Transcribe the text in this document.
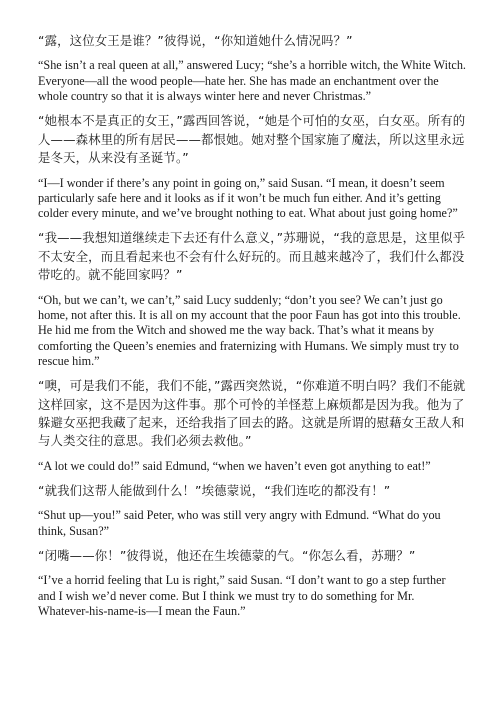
“露，这位女王是谁？”彼得说，“你知道她什么情况吗？”

“She isn’t a real queen at all,” answered Lucy; “she’s a horrible witch, the White Witch. Everyone—all the wood people—hate her. She has made an enchantment over the whole country so that it is always winter here and never Christmas.”

“她根本不是真正的女王，”露西回答说，“她是个可怕的女巫，白女巫。所有的人——森林里的所有居民——都恨她。她对整个国家施了魔法，所以这里永远是冬天，从来没有圣诞节。”

“I—I wonder if there’s any point in going on,” said Susan. “I mean, it doesn’t seem particularly safe here and it looks as if it won’t be much fun either. And it’s getting colder every minute, and we’ve brought nothing to eat. What about just going home?”

“我——我想知道继续走下去还有什么意义，”苏珊说，“我的意思是，这里似乎不太安全，而且看起来也不会有什么好玩的。而且越来越冷了，我们什么都没带吃的。就不能回家吗？”

“Oh, but we can’t, we can’t,” said Lucy suddenly; “don’t you see? We can’t just go home, not after this. It is all on my account that the poor Faun has got into this trouble. He hid me from the Witch and showed me the way back. That’s what it means by comforting the Queen’s enemies and fraternizing with Humans. We simply must try to rescue him.”

“噢，可是我们不能，我们不能，”露西突然说，“你难道不明白吗？我们不能就这样回家，这不是因为这件事。那个可怜的羊怪惹上麻烦都是因为我。他为了躲避女巫把我藏了起来，还给我指了回去的路。这就是所谓的慰藉女王敌人和与人类交往的意思。我们必须去救他。”

“A lot we could do!” said Edmund, “when we haven’t even got anything to eat!”

“就我们这帮人能做到什么！”埃德蒙说，“我们连吃的都没有！”

“Shut up—you!” said Peter, who was still very angry with Edmund. “What do you think, Susan?”

“闭嘴——你！”彼得说，他还在生埃德蒙的气。“你怎么看，苏珊？”

“I’ve a horrid feeling that Lu is right,” said Susan. “I don’t want to go a step further and I wish we’d never come. But I think we must try to do something for Mr. Whatever-his-name-is—I mean the Faun.”
